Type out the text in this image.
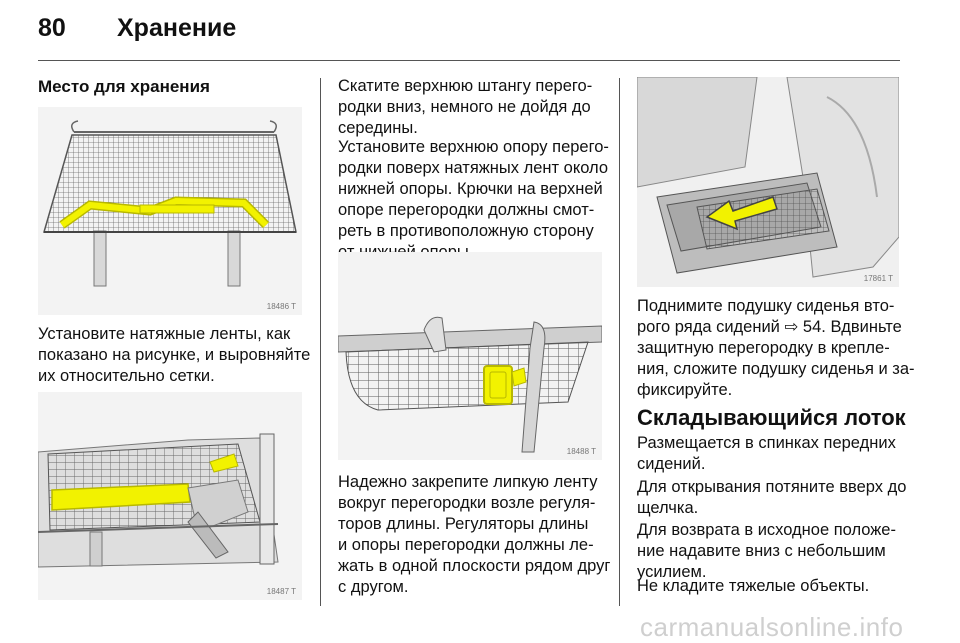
80 Хранение
Место для хранения
18486 T
Установите натяжные ленты, как
показано на рисунке, и выровняйте
их относительно сетки.
18487 T
Скатите верхнюю штангу перего-
родки вниз, немного не дойдя до
середины.
Установите верхнюю опору перего-
родки поверх натяжных лент около
нижней опоры. Крючки на верхней
опоре перегородки должны смот-
реть в противоположную сторону
18488 T
Надежно закрепите липкую ленту
вокруг перегородки возле регуля-
торов длины. Регуляторы длины
и опоры перегородки должны ле-
жать в одной плоскости рядом друг
с другом.
17861 T
Поднимите подушку сиденья вто-
рого ряда сидений ⇨ 54. Вдвиньте
защитную перегородку в крепле-
ния, сложите подушку сиденья и за-
фиксируйте.
Складывающийся лоток
Размещается в спинках передних
сидений.
Для открывания потяните вверх до
щелчка.
Для возврата в исходное положе-
ние надавите вниз с небольшим
усилием.
Не кладите тяжелые объекты.
carmanualsonline.info
